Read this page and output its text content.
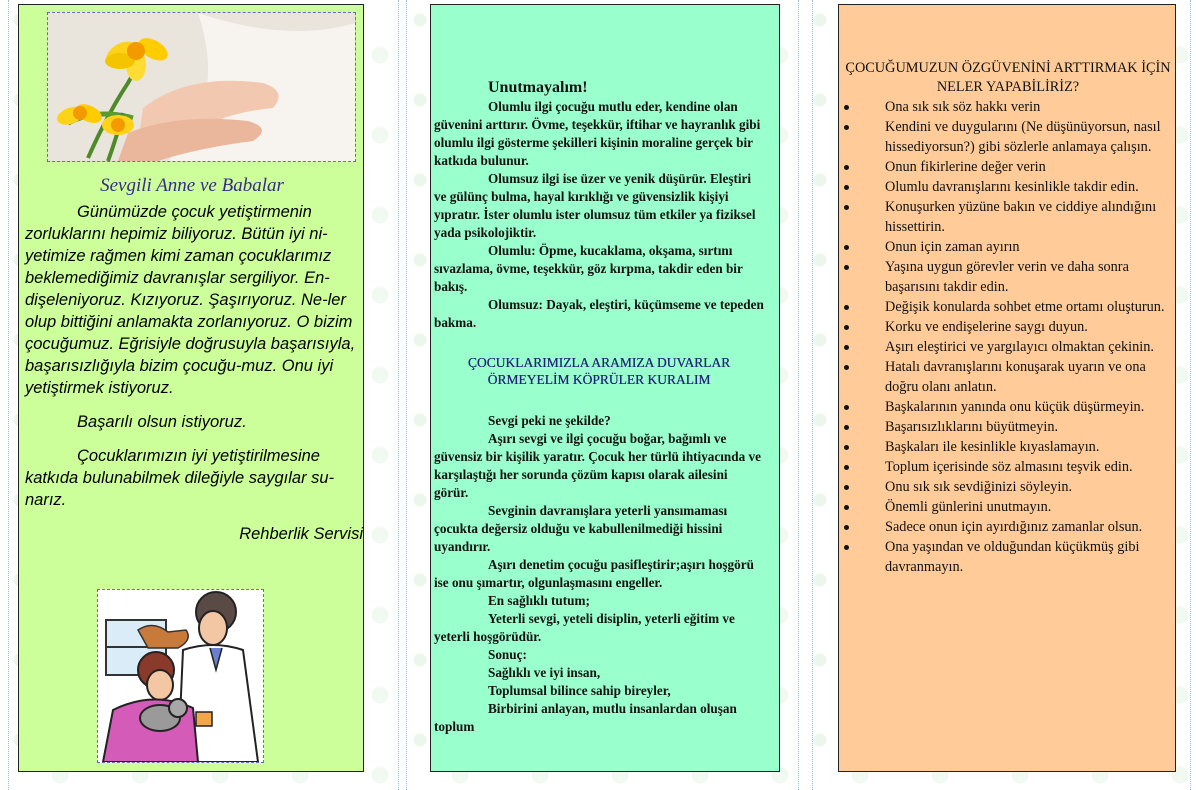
Sevgili Anne ve Babalar

Günümüzde çocuk yetiştirmenin zorluklarını hepimiz biliyoruz. Bütün iyi ni-yetimize rağmen kimi zaman çocuklarımız beklemediğimiz davranışlar sergiliyor. En-dişeleniyoruz. Kızıyoruz. Şaşırıyoruz. Ne-ler olup bittiğini anlamakta zorlanıyoruz. O bizim çocuğumuz. Eğrisiyle doğrusuyla başarısıyla, başarısızlığıyla bizim çocuğu-muz. Onu iyi yetiştirmek istiyoruz.

Başarılı olsun istiyoruz.

Çocuklarımızın iyi yetiştirilmesine katkıda bulunabilmek dileğiyle saygılar su-narız.

Rehberlik Servisi

Unutmayalım!

Olumlu ilgi çocuğu mutlu eder, kendine olan güvenini arttırır. Övme, teşekkür, iftihar ve hayranlık gibi olumlu ilgi gösterme şekilleri kişinin moraline gerçek bir katkıda bulunur.

Olumsuz ilgi ise üzer ve yenik düşürür. Eleştiri ve gülünç bulma, hayal kırıklığı ve güvensizlik kişiyi yıpratır. İster olumlu ister olumsuz tüm etkiler ya fiziksel yada psikolojiktir.

Olumlu: Öpme, kucaklama, okşama, sırtını sıvazlama, övme, teşekkür, göz kırpma, takdir eden bir bakış.

Olumsuz: Dayak, eleştiri, küçümseme ve tepeden bakma.

ÇOCUKLARIMIZLA ARAMIZA DUVARLAR ÖRMEYELİM KÖPRÜLER KURALIM

Sevgi peki ne şekilde?

Aşırı sevgi ve ilgi çocuğu boğar, bağımlı ve güvensiz bir kişilik yaratır. Çocuk her türlü ihtiyacında ve karşılaştığı her sorunda çözüm kapısı olarak ailesini görür.

Sevginin davranışlara yeterli yansımaması çocukta değersiz olduğu ve kabullenilmediği hissini uyandırır.

Aşırı denetim çocuğu pasifleştirir;aşırı hoşgörü ise onu şımartır, olgunlaşmasını engeller.

En sağlıklı tutum;

Yeterli sevgi, yeteli disiplin, yeterli eğitim ve yeterli hoşgörüdür.

Sonuç:

Sağlıklı ve iyi insan,

Toplumsal bilince sahip bireyler,

Birbirini anlayan, mutlu insanlardan oluşan toplum

ÇOCUĞUMUZUN ÖZGÜVENİNİ ARTTIRMAK İÇİN NELER YAPABİLİRİZ?
Ona sık sık söz hakkı verin
Kendini ve duygularını (Ne düşünüyorsun, nasıl hissediyorsun?) gibi sözlerle anlamaya çalışın.
Onun fikirlerine değer verin
Olumlu davranışlarını kesinlikle takdir edin.
Konuşurken yüzüne bakın ve ciddiye alındığını hissettirin.
Onun için zaman ayırın
Yaşına uygun görevler verin ve daha sonra başarısını takdir edin.
Değişik konularda sohbet etme ortamı oluşturun.
Korku ve endişelerine saygı duyun.
Aşırı eleştirici ve yargılayıcı olmaktan çekinin.
Hatalı davranışlarını konuşarak uyarın ve ona doğru olanı anlatın.
Başkalarının yanında onu küçük düşürmeyin.
Başarısızlıklarını büyütmeyin.
Başkaları ile kesinlikle kıyaslamayın.
Toplum içerisinde söz almasını teşvik edin.
Onu sık sık sevdiğinizi söyleyin.
Önemli günlerini unutmayın.
Sadece onun için ayırdığınız zamanlar olsun.
Ona yaşından ve olduğundan küçükmüş gibi davranmayın.
